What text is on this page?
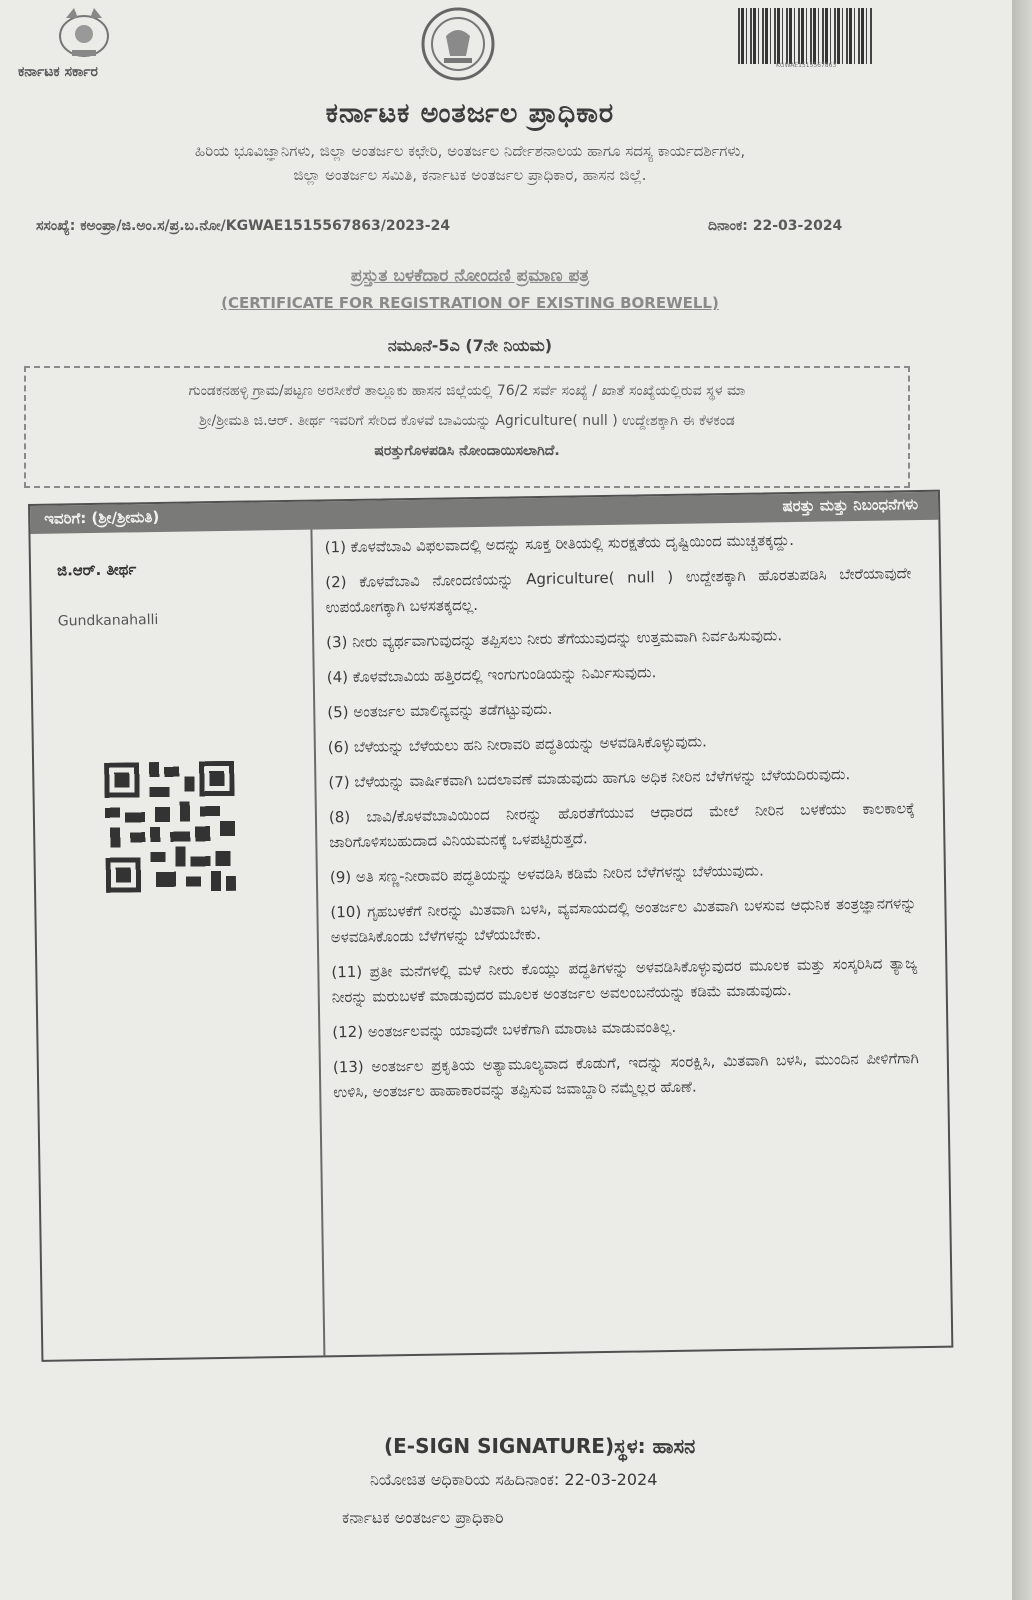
ಕರ್ನಾಟಕ ಸರ್ಕಾರ	KGWAE1515567863
ಕರ್ನಾಟಕ ಅಂತರ್ಜಲ ಪ್ರಾಧಿಕಾರ
ಹಿರಿಯ ಭೂವಿಜ್ಞಾನಿಗಳು, ಜಿಲ್ಲಾ ಅಂತರ್ಜಲ ಕಛೇರಿ, ಅಂತರ್ಜಲ ನಿರ್ದೇಶನಾಲಯ ಹಾಗೂ ಸದಸ್ಯ ಕಾರ್ಯದರ್ಶಿಗಳು,
ಜಿಲ್ಲಾ ಅಂತರ್ಜಲ ಸಮಿತಿ, ಕರ್ನಾಟಕ ಅಂತರ್ಜಲ ಪ್ರಾಧಿಕಾರ, ಹಾಸನ ಜಿಲ್ಲೆ.
ಸಸಂಖ್ಯೆ: ಕಅಂಪ್ರಾ/ಜಿ.ಅಂ.ಸ/ಪ್ರ.ಬ.ನೋ/KGWAE1515567863/2023-24	ದಿನಾಂಕ: 22-03-2024
ಪ್ರಸ್ತುತ ಬಳಕೆದಾರ ನೋಂದಣಿ ಪ್ರಮಾಣ ಪತ್ರ
(CERTIFICATE FOR REGISTRATION OF EXISTING BOREWELL)
ನಮೂನೆ-5ಎ (7ನೇ ನಿಯಮ)
ಗುಂಡಕನಹಳ್ಳಿ ಗ್ರಾಮ/ಪಟ್ಟಣ ಅರಸೀಕೆರೆ ತಾಲ್ಲೂಕು ಹಾಸನ ಜಿಲ್ಲೆಯಲ್ಲಿ 76/2 ಸರ್ವೆ ಸಂಖ್ಯೆ / ಖಾತೆ ಸಂಖ್ಯೆಯಲ್ಲಿರುವ ಸ್ಥಳ ಮಾ
ಶ್ರೀ/ಶ್ರೀಮತಿ ಜಿ.ಆರ್. ತೀರ್ಥ ಇವರಿಗೆ ಸೇರಿದ ಕೊಳವೆ ಬಾವಿಯನ್ನು Agriculture( null ) ಉದ್ದೇಶಕ್ಕಾಗಿ ಈ ಕೆಳಕಂಡ
ಷರತ್ತುಗೊಳಪಡಿಸಿ ನೋಂದಾಯಿಸಲಾಗಿದೆ.
ಇವರಿಗೆ: (ಶ್ರೀ/ಶ್ರೀಮತಿ)
ಷರತ್ತು ಮತ್ತು ನಿಬಂಧನೆಗಳು
ಜಿ.ಆರ್. ತೀರ್ಥ
Gundkanahalli
(1) ಕೊಳವೆಬಾವಿ ವಿಫಲವಾದಲ್ಲಿ ಅದನ್ನು ಸೂಕ್ತ ರೀತಿಯಲ್ಲಿ ಸುರಕ್ಷತೆಯ ದೃಷ್ಟಿಯಿಂದ ಮುಚ್ಚತಕ್ಕದ್ದು.
(2) ಕೊಳವೆಬಾವಿ ನೋಂದಣಿಯನ್ನು Agriculture( null ) ಉದ್ದೇಶಕ್ಕಾಗಿ ಹೊರತುಪಡಿಸಿ ಬೇರೆಯಾವುದೇ ಉಪಯೋಗಕ್ಕಾಗಿ ಬಳಸತಕ್ಕದಲ್ಲ.
(3) ನೀರು ವ್ಯರ್ಥವಾಗುವುದನ್ನು ತಪ್ಪಿಸಲು ನೀರು ತೆಗೆಯುವುದನ್ನು ಉತ್ತಮವಾಗಿ ನಿರ್ವಹಿಸುವುದು.
(4) ಕೊಳವೆಬಾವಿಯ ಹತ್ತಿರದಲ್ಲಿ ಇಂಗುಗುಂಡಿಯನ್ನು ನಿರ್ಮಿಸುವುದು.
(5) ಅಂತರ್ಜಲ ಮಾಲಿನ್ಯವನ್ನು ತಡೆಗಟ್ಟುವುದು.
(6) ಬೆಳೆಯನ್ನು ಬೆಳೆಯಲು ಹನಿ ನೀರಾವರಿ ಪದ್ಧತಿಯನ್ನು ಅಳವಡಿಸಿಕೊಳ್ಳುವುದು.
(7) ಬೆಳೆಯನ್ನು ವಾರ್ಷಿಕವಾಗಿ ಬದಲಾವಣೆ ಮಾಡುವುದು ಹಾಗೂ ಅಧಿಕ ನೀರಿನ ಬೆಳೆಗಳನ್ನು ಬೆಳೆಯದಿರುವುದು.
(8) ಬಾವಿ/ಕೊಳವೆಬಾವಿಯಿಂದ ನೀರನ್ನು ಹೊರತೆಗೆಯುವ ಆಧಾರದ ಮೇಲೆ ನೀರಿನ ಬಳಕೆಯು ಕಾಲಕಾಲಕ್ಕೆ ಜಾರಿಗೊಳಿಸಬಹುದಾದ ವಿನಿಯಮನಕ್ಕೆ ಒಳಪಟ್ಟಿರುತ್ತದೆ.
(9) ಅತಿ ಸಣ್ಣ-ನೀರಾವರಿ ಪದ್ಧತಿಯನ್ನು ಅಳವಡಿಸಿ ಕಡಿಮೆ ನೀರಿನ ಬೆಳೆಗಳನ್ನು ಬೆಳೆಯುವುದು.
(10) ಗೃಹಬಳಕೆಗೆ ನೀರನ್ನು ಮಿತವಾಗಿ ಬಳಸಿ, ವ್ಯವಸಾಯದಲ್ಲಿ ಅಂತರ್ಜಲ ಮಿತವಾಗಿ ಬಳಸುವ ಆಧುನಿಕ ತಂತ್ರಜ್ಞಾನಗಳನ್ನು ಅಳವಡಿಸಿಕೊಂಡು ಬೆಳೆಗಳನ್ನು ಬೆಳೆಯಬೇಕು.
(11) ಪ್ರತೀ ಮನೆಗಳಲ್ಲಿ ಮಳೆ ನೀರು ಕೊಯ್ಲು ಪದ್ಧತಿಗಳನ್ನು ಅಳವಡಿಸಿಕೊಳ್ಳುವುದರ ಮೂಲಕ ಮತ್ತು ಸಂಸ್ಕರಿಸಿದ ತ್ಯಾಜ್ಯ ನೀರನ್ನು ಮರುಬಳಕೆ ಮಾಡುವುದರ ಮೂಲಕ ಅಂತರ್ಜಲ ಅವಲಂಬನೆಯನ್ನು ಕಡಿಮೆ ಮಾಡುವುದು.
(12) ಅಂತರ್ಜಲವನ್ನು ಯಾವುದೇ ಬಳಕೆಗಾಗಿ ಮಾರಾಟ ಮಾಡುವಂತಿಲ್ಲ.
(13) ಅಂತರ್ಜಲ ಪ್ರಕೃತಿಯ ಅತ್ಯಾಮೂಲ್ಯವಾದ ಕೊಡುಗೆ, ಇದನ್ನು ಸಂರಕ್ಷಿಸಿ, ಮಿತವಾಗಿ ಬಳಸಿ, ಮುಂದಿನ ಪೀಳಿಗೆಗಾಗಿ ಉಳಿಸಿ, ಅಂತರ್ಜಲ ಹಾಹಾಕಾರವನ್ನು ತಪ್ಪಿಸುವ ಜವಾಬ್ದಾರಿ ನಮ್ಮೆಲ್ಲರ ಹೊಣೆ.
(E-SIGN SIGNATURE)ಸ್ಥಳ: ಹಾಸನ
ನಿಯೋಜಿತ ಅಧಿಕಾರಿಯ ಸಹಿದಿನಾಂಕ: 22-03-2024
ಕರ್ನಾಟಕ ಅಂತರ್ಜಲ ಪ್ರಾಧಿಕಾರಿ
